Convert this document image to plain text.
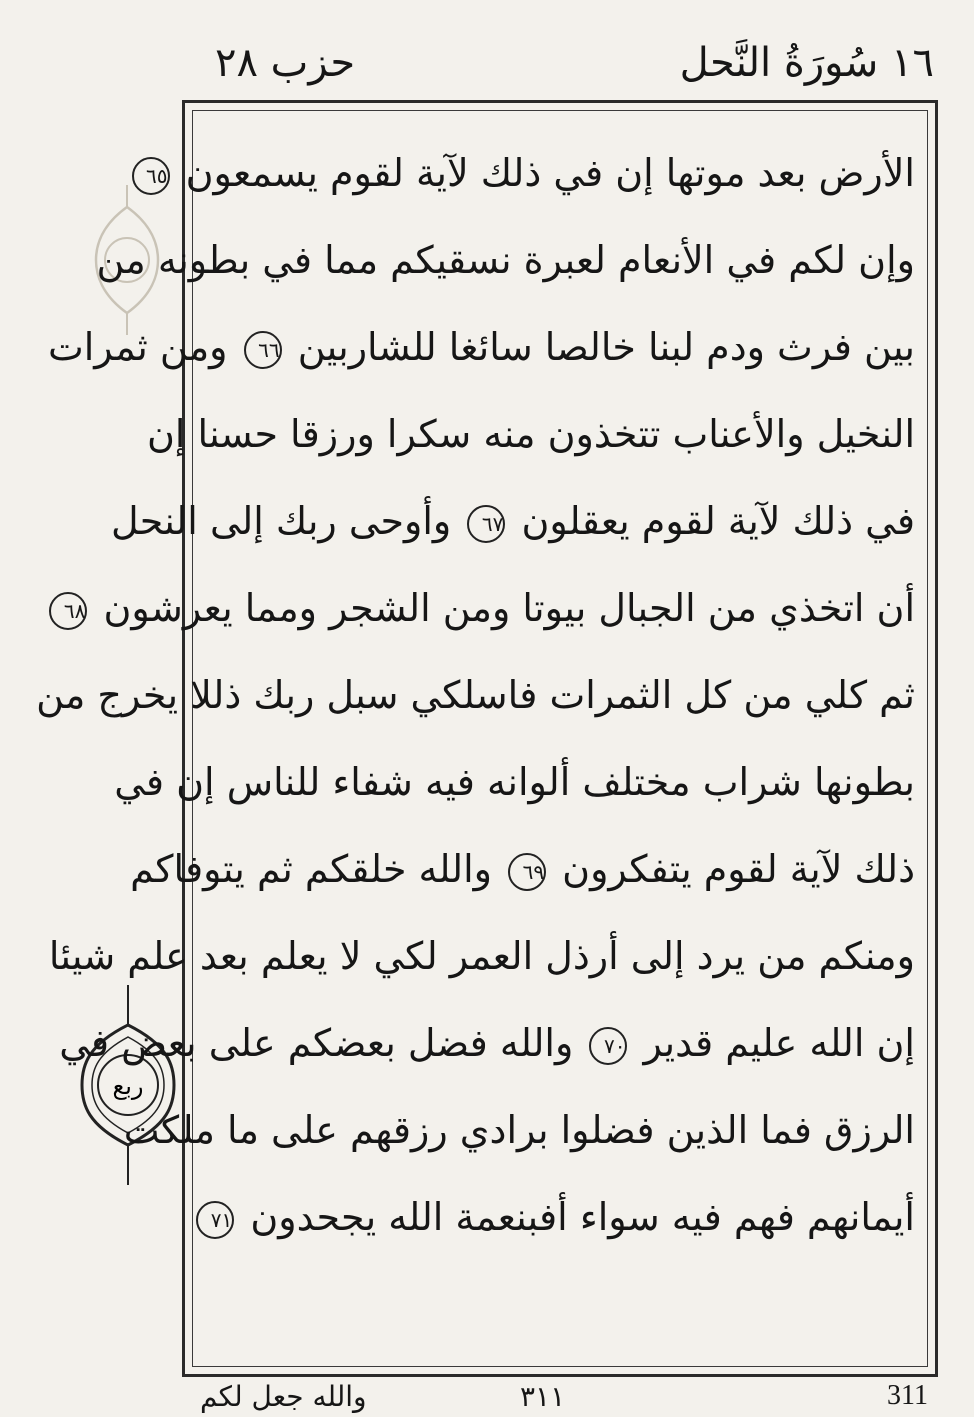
١٦ سُورَةُ النَّحل
حزب ٢٨
ربع
الأرض بعد موتها إن في ذلك لآية لقوم يسمعون ٦٥
وإن لكم في الأنعام لعبرة نسقيكم مما في بطونه من
بين فرث ودم لبنا خالصا سائغا للشاربين ٦٦ ومن ثمرات
النخيل والأعناب تتخذون منه سكرا ورزقا حسنا إن
في ذلك لآية لقوم يعقلون ٦٧ وأوحى ربك إلى النحل
أن اتخذي من الجبال بيوتا ومن الشجر ومما يعرشون ٦٨
ثم كلي من كل الثمرات فاسلكي سبل ربك ذللا يخرج من
بطونها شراب مختلف ألوانه فيه شفاء للناس إن في
ذلك لآية لقوم يتفكرون ٦٩ والله خلقكم ثم يتوفاكم
ومنكم من يرد إلى أرذل العمر لكي لا يعلم بعد علم شيئا
إن الله عليم قدير ٧٠ والله فضل بعضكم على بعض في
الرزق فما الذين فضلوا برادي رزقهم على ما ملكت
أيمانهم فهم فيه سواء أفبنعمة الله يجحدون ٧١
والله جعل لكم	٣١١	311
